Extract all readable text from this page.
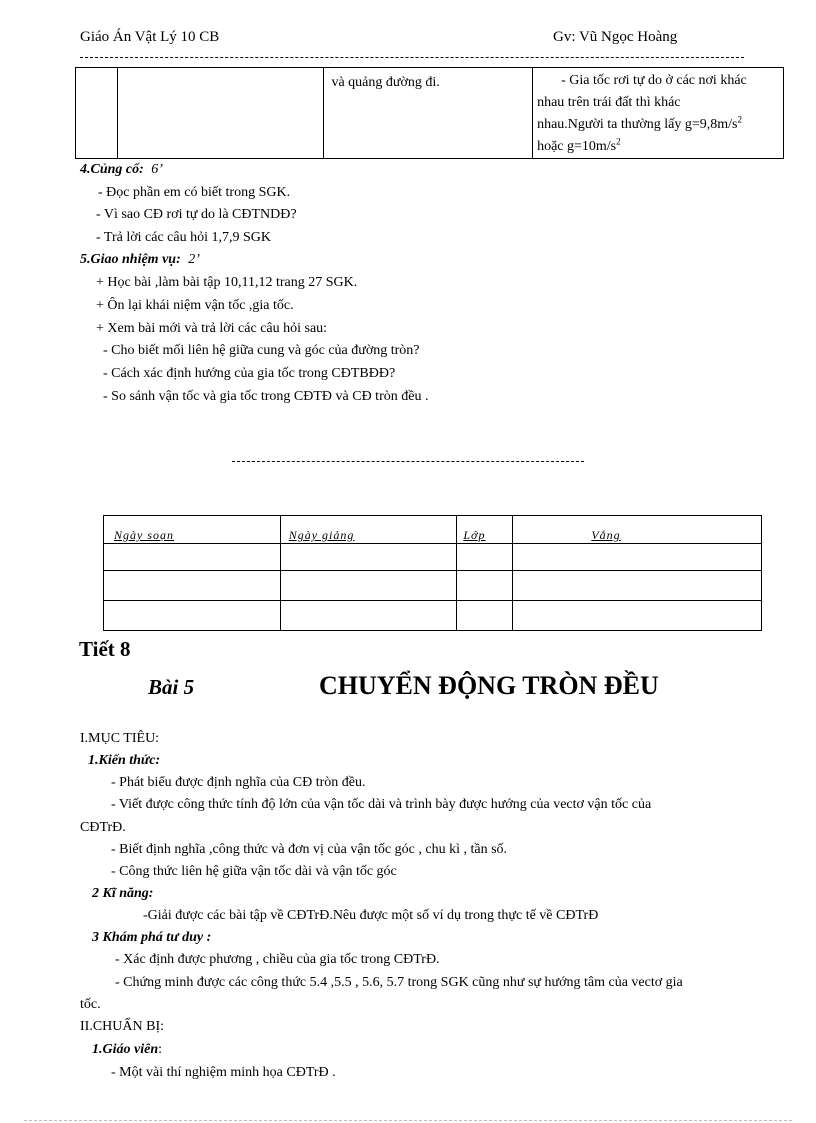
Giáo Án Vật Lý 10 CB	Gv: Vũ Ngọc Hoàng

và quảng đường đi.	- Gia tốc rơi tự do ở các nơi khác
nhau trên trái đất thì khác
nhau.Người ta thường lấy $g=9,8m/s^2$
hoặc $g=10m/s^2$
4.Củng cố: 6’
- Đọc phần em có biết trong SGK.
- Vì sao CĐ rơi tự do là CĐTNDĐ?
- Trả lời các câu hỏi 1,7,9 SGK
5.Giao nhiệm vụ: 2’
+ Học bài ,làm bài tập 10,11,12 trang 27 SGK.
+ Ôn lại khái niệm vận tốc ,gia tốc.
+ Xem bài mới và trả lời các câu hỏi sau:
- Cho biết mối liên hệ giữa cung và góc của đường tròn?
- Cách xác định hướng của gia tốc trong CĐTBĐĐ?
- So sánh vận tốc và gia tốc trong CĐTĐ và CĐ tròn đều .
Ngày soạn	Ngày giảng	Lớp	Vắng

Tiết 8
Bài 5	CHUYỂN ĐỘNG TRÒN ĐỀU
I.MỤC TIÊU:
1.Kiến thức:
- Phát biểu được định nghĩa của CĐ tròn đều.
- Viết được công thức tính độ lớn của vận tốc dài và trình bày được hướng của vectơ vận tốc của
CĐTrĐ.
- Biết định nghĩa ,công thức và đơn vị của vận tốc góc , chu kì , tần số.
- Công thức liên hệ giữa vận tốc dài và vận tốc góc
2 Kĩ năng:
-Giải được các bài tập về CĐTrĐ.Nêu được một số ví dụ trong thực tế về CĐTrĐ
3 Khám phá tư duy :
- Xác định được phương , chiều của gia tốc trong CĐTrĐ.
- Chứng minh được các công thức 5.4 ,5.5 , 5.6, 5.7 trong SGK cũng như sự hướng tâm của vectơ gia
tốc.
II.CHUẨN BỊ:
1.Giáo viên:
- Một vài thí nghiệm minh họa CĐTrĐ .
